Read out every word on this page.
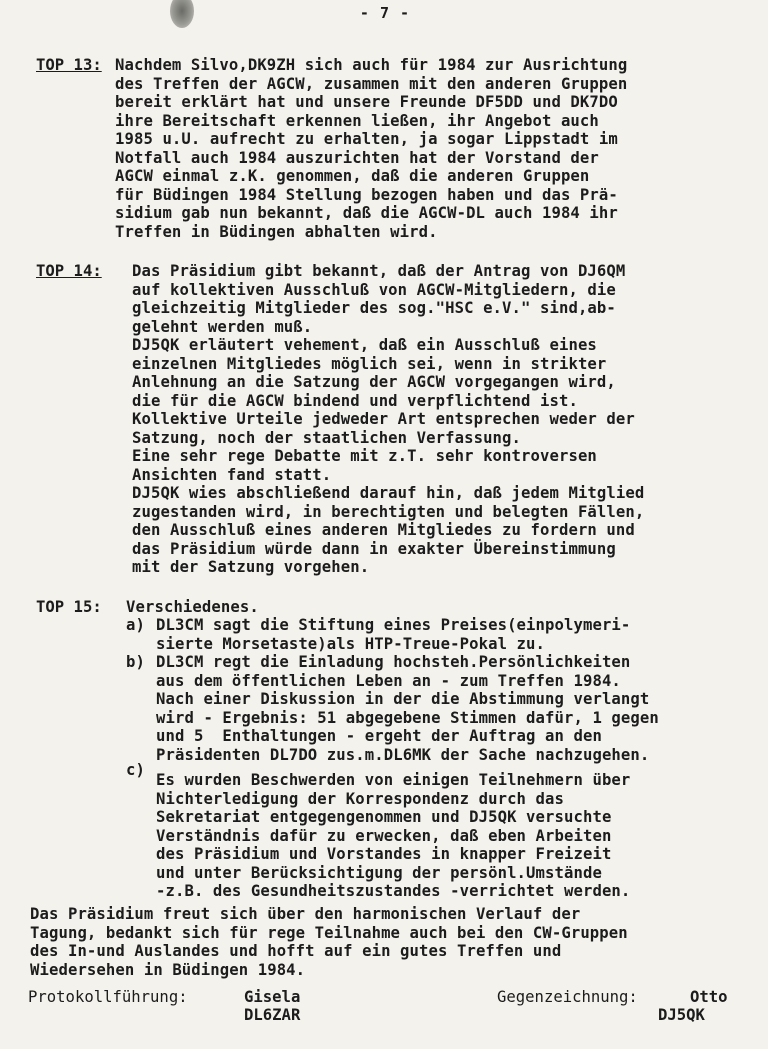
- 7 -
TOP 13: Nachdem Silvo,DK9ZH sich auch für 1984 zur Ausrichtung
des Treffen der AGCW, zusammen mit den anderen Gruppen
bereit erklärt hat und unsere Freunde DF5DD und DK7DO
ihre Bereitschaft erkennen ließen, ihr Angebot auch
1985 u.U. aufrecht zu erhalten, ja sogar Lippstadt im
Notfall auch 1984 auszurichten hat der Vorstand der
AGCW einmal z.K. genommen, daß die anderen Gruppen
für Büdingen 1984 Stellung bezogen haben und das Prä-
sidium gab nun bekannt, daß die AGCW-DL auch 1984 ihr
Treffen in Büdingen abhalten wird.
TOP 14: Das Präsidium gibt bekannt, daß der Antrag von DJ6QM
auf kollektiven Ausschluß von AGCW-Mitgliedern, die
gleichzeitig Mitglieder des sog."HSC e.V." sind,ab-
gelehnt werden muß.
DJ5QK erläutert vehement, daß ein Ausschluß eines
einzelnen Mitgliedes möglich sei, wenn in strikter
Anlehnung an die Satzung der AGCW vorgegangen wird,
die für die AGCW bindend und verpflichtend ist.
Kollektive Urteile jedweder Art entsprechen weder der
Satzung, noch der staatlichen Verfassung.
Eine sehr rege Debatte mit z.T. sehr kontroversen
Ansichten fand statt.
DJ5QK wies abschließend darauf hin, daß jedem Mitglied
zugestanden wird, in berechtigten und belegten Fällen,
den Ausschluß eines anderen Mitgliedes zu fordern und
das Präsidium würde dann in exakter Übereinstimmung
mit der Satzung vorgehen.
TOP 15: Verschiedenes.
a) DL3CM sagt die Stiftung eines Preises(einpolymeri-
sierte Morsetaste)als HTP-Treue-Pokal zu.
b) DL3CM regt die Einladung hochsteh.Persönlichkeiten
aus dem öffentlichen Leben an - zum Treffen 1984.
Nach einer Diskussion in der die Abstimmung verlangt
wird - Ergebnis: 51 abgegebene Stimmen dafür, 1 gegen
und 5  Enthaltungen - ergeht der Auftrag an den
Präsidenten DL7DO zus.m.DL6MK der Sache nachzugehen.
c)
Es wurden Beschwerden von einigen Teilnehmern über
Nichterledigung der Korrespondenz durch das
Sekretariat entgegengenommen und DJ5QK versuchte
Verständnis dafür zu erwecken, daß eben Arbeiten
des Präsidium und Vorstandes in knapper Freizeit
und unter Berücksichtigung der persönl.Umstände
-z.B. des Gesundheitszustandes -verrichtet werden.
Das Präsidium freut sich über den harmonischen Verlauf der
Tagung, bedankt sich für rege Teilnahme auch bei den CW-Gruppen
des In-und Auslandes und hofft auf ein gutes Treffen und
Wiedersehen in Büdingen 1984.
Protokollführung:	Gisela
DL6ZAR
Gegenzeichnung:	Otto
DJ5QK
